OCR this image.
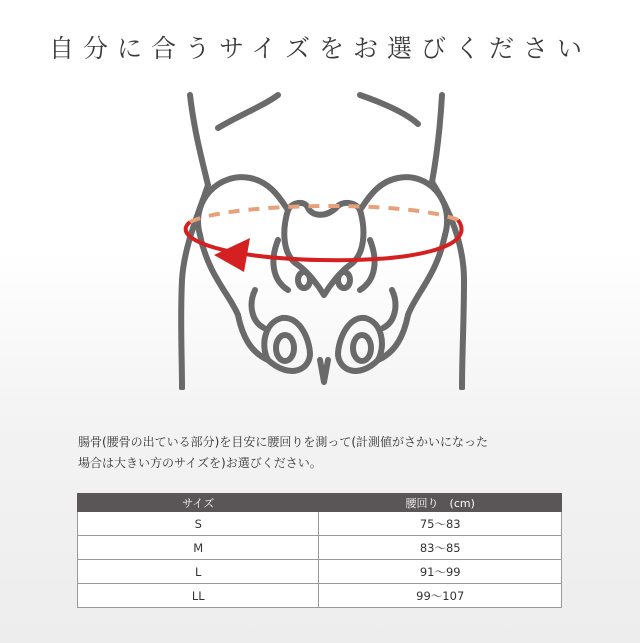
自分に合うサイズをお選びください

腸骨(腰骨の出ている部分)を目安に腰回りを測って(計測値がさかいになった

場合は大きい方のサイズを)お選びください。

サイズ	腰回り　(cm)
S	75〜83
M	83〜85
L	91〜99
LL	99〜107
